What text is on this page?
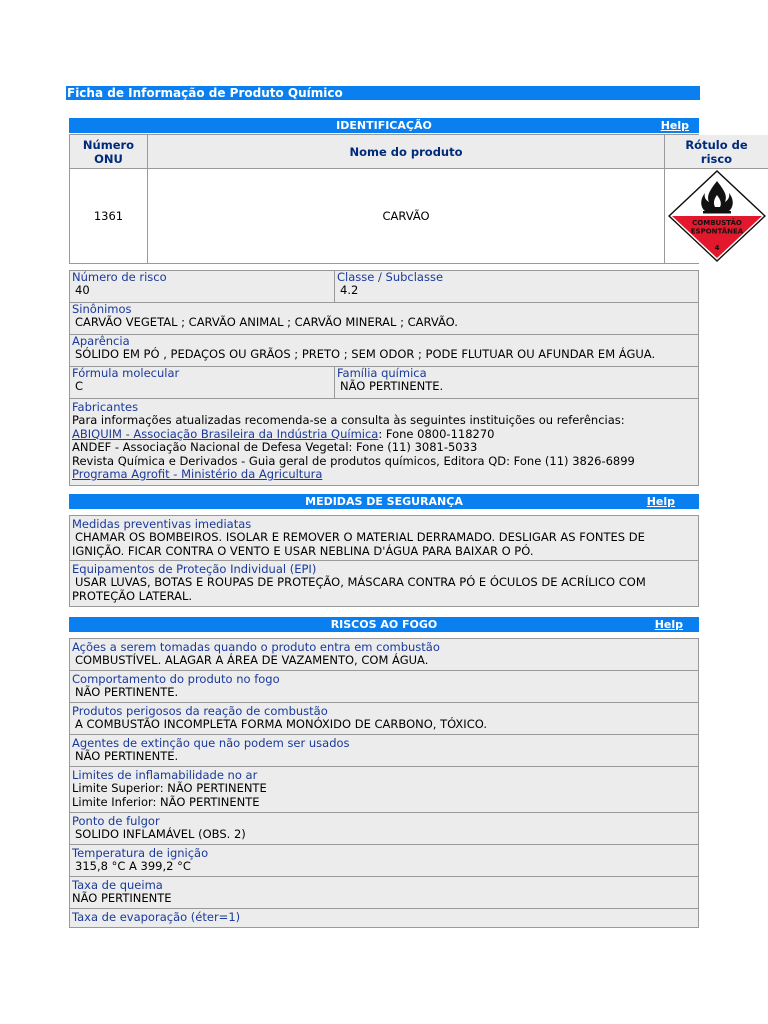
Ficha de Informação de Produto Químico
IDENTIFICAÇÃO	Help
Número
ONU	Nome do produto	Rótulo de
risco
1361	CARVÃO	COMBUSTÃO
ESPONTÂNEA
4
Número de risco
40
Classe / Subclasse
4.2
Sinônimos
CARVÃO VEGETAL ; CARVÃO ANIMAL ; CARVÃO MINERAL ; CARVÃO.
Aparência
SÓLIDO EM PÓ , PEDAÇOS OU GRÃOS ; PRETO ; SEM ODOR ; PODE FLUTUAR OU AFUNDAR EM ÁGUA.
Fórmula molecular
C
Família química
NÃO PERTINENTE.
Fabricantes
Para informações atualizadas recomenda-se a consulta às seguintes instituições ou referências:
ABIQUIM - Associação Brasileira da Indústria Química: Fone 0800-118270
ANDEF - Associação Nacional de Defesa Vegetal: Fone (11) 3081-5033
Revista Química e Derivados - Guia geral de produtos químicos, Editora QD: Fone (11) 3826-6899
Programa Agrofit - Ministério da Agricultura
MEDIDAS DE SEGURANÇA	Help
Medidas preventivas imediatas
CHAMAR OS BOMBEIROS. ISOLAR E REMOVER O MATERIAL DERRAMADO. DESLIGAR AS FONTES DE
IGNIÇÃO. FICAR CONTRA O VENTO E USAR NEBLINA D'ÁGUA PARA BAIXAR O PÓ.
Equipamentos de Proteção Individual (EPI)
USAR LUVAS, BOTAS E ROUPAS DE PROTEÇÃO, MÁSCARA CONTRA PÓ E ÓCULOS DE ACRÍLICO COM
PROTEÇÃO LATERAL.
RISCOS AO FOGO	Help
Ações a serem tomadas quando o produto entra em combustão
COMBUSTÍVEL. ALAGAR A ÁREA DE VAZAMENTO, COM ÁGUA.
Comportamento do produto no fogo
NÃO PERTINENTE.
Produtos perigosos da reação de combustão
A COMBUSTÃO INCOMPLETA FORMA MONÓXIDO DE CARBONO, TÓXICO.
Agentes de extinção que não podem ser usados
NÃO PERTINENTE.
Limites de inflamabilidade no ar
Limite Superior: NÃO PERTINENTE
Limite Inferior: NÃO PERTINENTE
Ponto de fulgor
SOLIDO INFLAMÁVEL (OBS. 2)
Temperatura de ignição
315,8 °C A 399,2 °C
Taxa de queima
NÃO PERTINENTE
Taxa de evaporação (éter=1)
